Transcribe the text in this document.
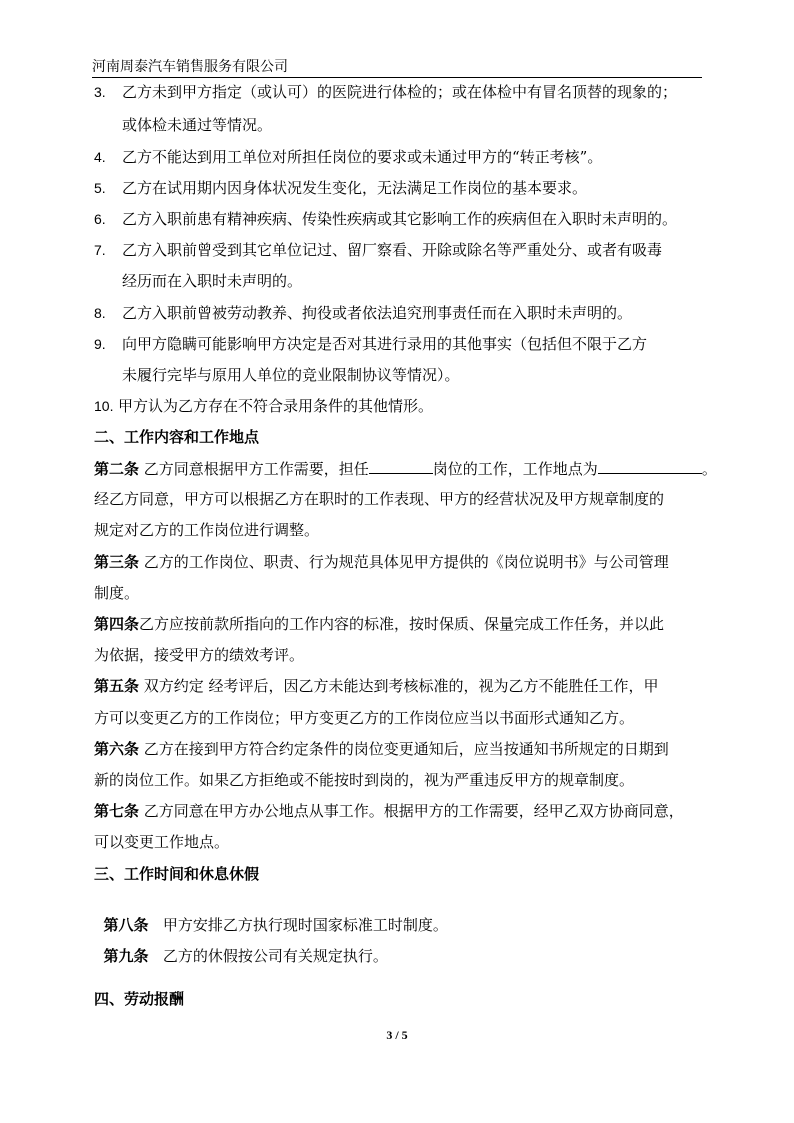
河南周泰汽车销售服务有限公司
3. 乙方未到甲方指定（或认可）的医院进行体检的；或在体检中有冒名顶替的现象的；
或体检未通过等情况。
4. 乙方不能达到用工单位对所担任岗位的要求或未通过甲方的“转正考核”。
5. 乙方在试用期内因身体状况发生变化，无法满足工作岗位的基本要求。
6. 乙方入职前患有精神疾病、传染性疾病或其它影响工作的疾病但在入职时未声明的。
7. 乙方入职前曾受到其它单位记过、留厂察看、开除或除名等严重处分、或者有吸毒
经历而在入职时未声明的。
8. 乙方入职前曾被劳动教养、拘役或者依法追究刑事责任而在入职时未声明的。
9. 向甲方隐瞒可能影响甲方决定是否对其进行录用的其他事实（包括但不限于乙方
未履行完毕与原用人单位的竞业限制协议等情况）。
10. 甲方认为乙方存在不符合录用条件的其他情形。
二、工作内容和工作地点
第二条 乙方同意根据甲方工作需要，担任	岗位的工作，工作地点为	。
经乙方同意，甲方可以根据乙方在职时的工作表现、甲方的经营状况及甲方规章制度的
规定对乙方的工作岗位进行调整。
第三条 乙方的工作岗位、职责、行为规范具体见甲方提供的《岗位说明书》与公司管理
制度。
第四条乙方应按前款所指向的工作内容的标准，按时保质、保量完成工作任务，并以此
为依据，接受甲方的绩效考评。
第五条 双方约定 经考评后，因乙方未能达到考核标准的，视为乙方不能胜任工作，甲
方可以变更乙方的工作岗位；甲方变更乙方的工作岗位应当以书面形式通知乙方。
第六条 乙方在接到甲方符合约定条件的岗位变更通知后，应当按通知书所规定的日期到
新的岗位工作。如果乙方拒绝或不能按时到岗的，视为严重违反甲方的规章制度。
第七条 乙方同意在甲方办公地点从事工作。根据甲方的工作需要，经甲乙双方协商同意，
可以变更工作地点。
三、工作时间和休息休假

第八条   甲方安排乙方执行现时国家标准工时制度。

第九条   乙方的休假按公司有关规定执行。

四、劳动报酬
3 / 5
